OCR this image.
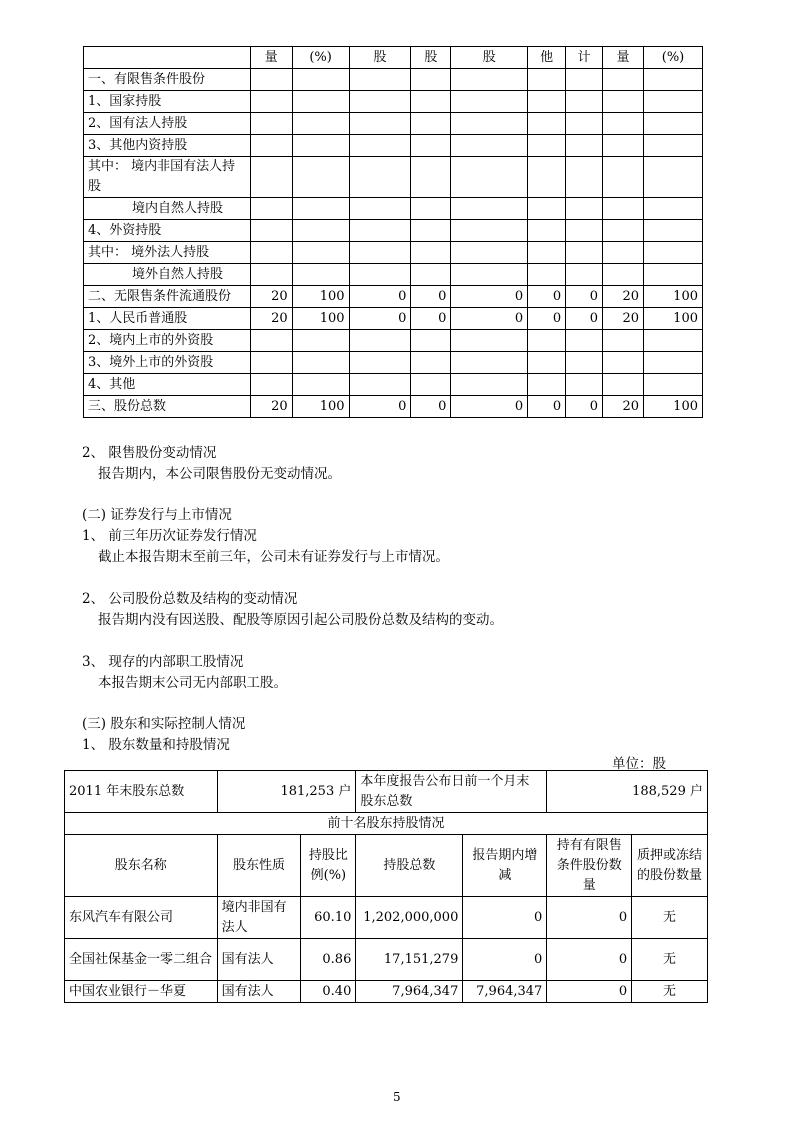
	量	(%)	股	股	股	他	计	量	(%)
一、有限售条件股份									
1、国家持股									
2、国有法人持股									
3、其他内资持股									
其中： 境内非国有法人持股									
境内自然人持股									
4、外资持股									
其中： 境外法人持股									
境外自然人持股									
二、无限售条件流通股份	20	100	0	0	0	0	0	20	100
1、人民币普通股	20	100	0	0	0	0	0	20	100
2、境内上市的外资股									
3、境外上市的外资股									
4、其他									
三、股份总数	20	100	0	0	0	0	0	20	100
2、 限售股份变动情况
报告期内，本公司限售股份无变动情况。
(二) 证券发行与上市情况
1、 前三年历次证券发行情况
截止本报告期末至前三年，公司未有证券发行与上市情况。
2、 公司股份总数及结构的变动情况
报告期内没有因送股、配股等原因引起公司股份总数及结构的变动。
3、 现存的内部职工股情况
本报告期末公司无内部职工股。
(三) 股东和实际控制人情况
1、 股东数量和持股情况
单位：股
2011 年末股东总数	181,253 户		本年度报告公布日前一个月末股东总数		188,529 户	
前十名股东持股情况						
股东名称	股东性质	持股比例(%)	持股总数	报告期内增减	持有有限售条件股份数量	质押或冻结的股份数量
东风汽车有限公司	境内非国有法人	60.10	1,202,000,000	0	0	无
全国社保基金一零二组合	国有法人	0.86	17,151,279	0	0	无
中国农业银行－华夏	国有法人	0.40	7,964,347	7,964,347	0	无
5
